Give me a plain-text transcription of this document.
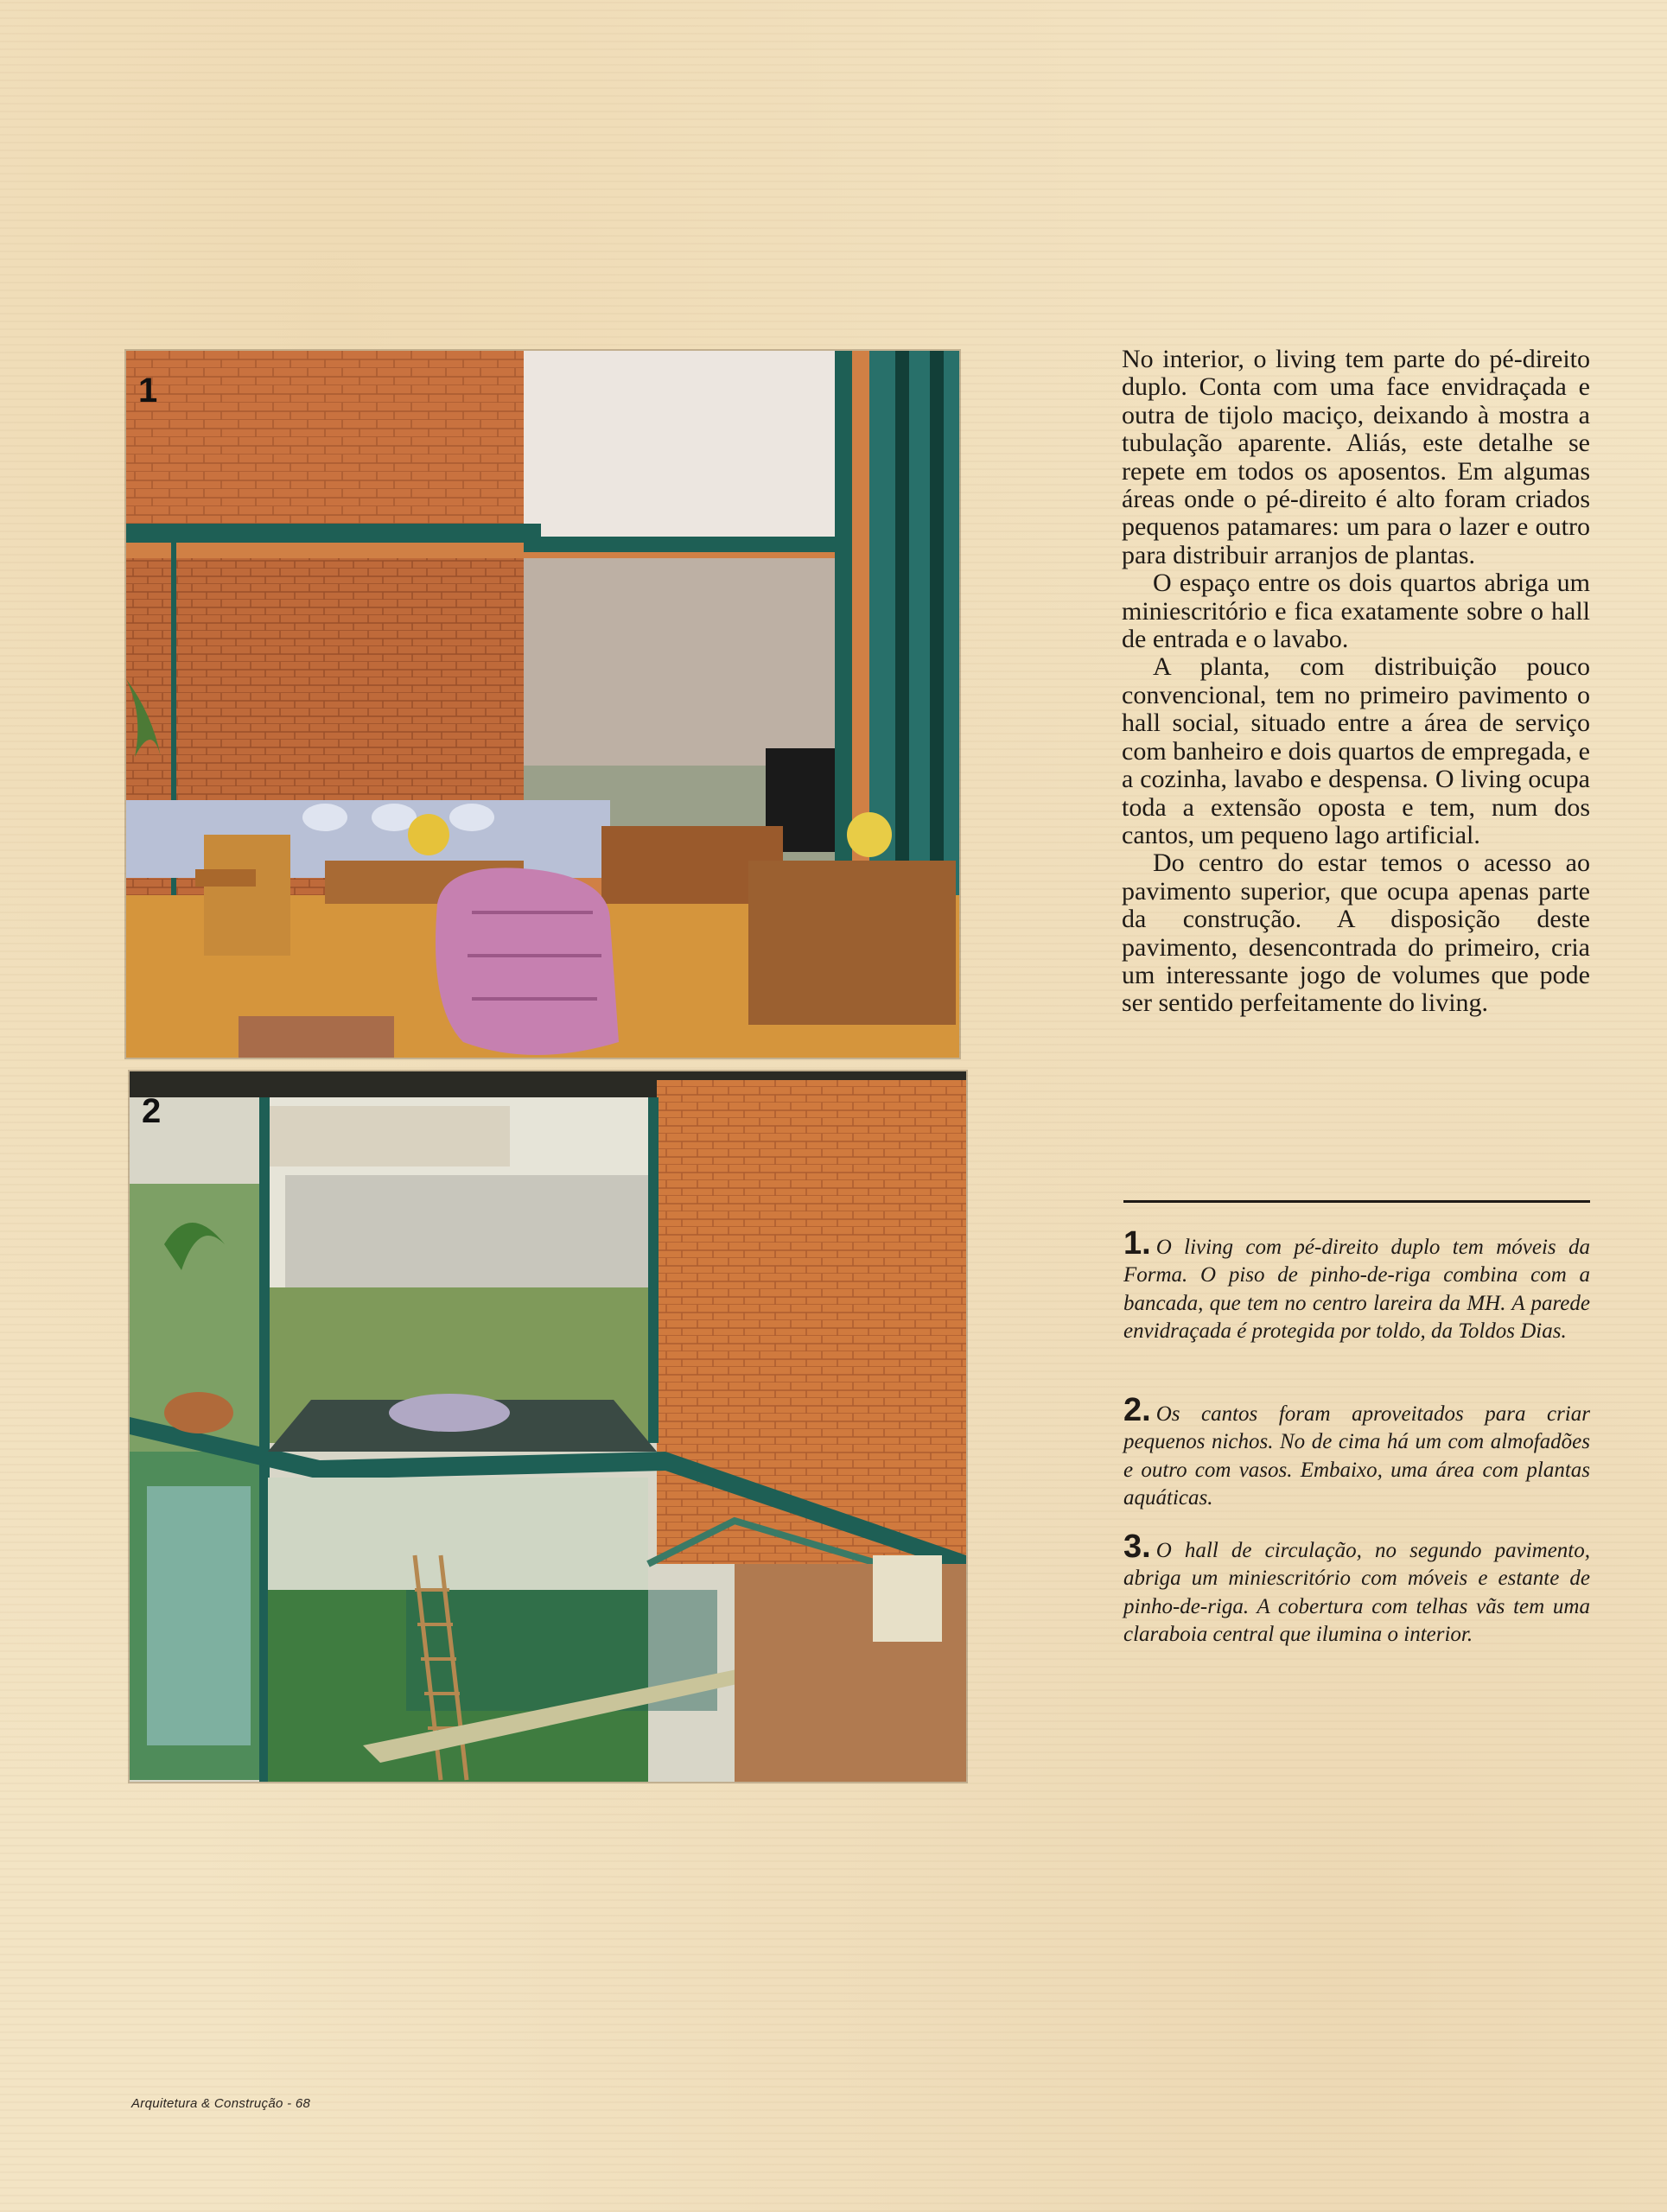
1
2

No interior, o living tem parte do pé-direito duplo. Conta com uma face envidraçada e outra de tijolo maciço, deixando à mostra a tubulação aparente. Aliás, este detalhe se repete em todos os aposentos. Em algumas áreas onde o pé-direito é alto foram criados pequenos patamares: um para o lazer e outro para distribuir arranjos de plantas.

O espaço entre os dois quartos abriga um miniescritório e fica exatamente sobre o hall de entrada e o lavabo.

A planta, com distribuição pouco convencional, tem no primeiro pavimento o hall social, situado entre a área de serviço com banheiro e dois quartos de empregada, e a cozinha, lavabo e despensa. O living ocupa toda a extensão oposta e tem, num dos cantos, um pequeno lago artificial.

Do centro do estar temos o acesso ao pavimento superior, que ocupa apenas parte da construção. A disposição deste pavimento, desencontrada do primeiro, cria um interessante jogo de volumes que pode ser sentido perfeitamente do living.

1. O living com pé-direito duplo tem móveis da Forma. O piso de pinho-de-riga combina com a bancada, que tem no centro lareira da MH. A parede envidraçada é protegida por toldo, da Toldos Dias.
2. Os cantos foram aproveitados para criar pequenos nichos. No de cima há um com almofadões e outro com vasos. Embaixo, uma área com plantas aquáticas.
3. O hall de circulação, no segundo pavimento, abriga um miniescritório com móveis e estante de pinho-de-riga. A cobertura com telhas vãs tem uma claraboia central que ilumina o interior.
Arquitetura & Construção - 68
